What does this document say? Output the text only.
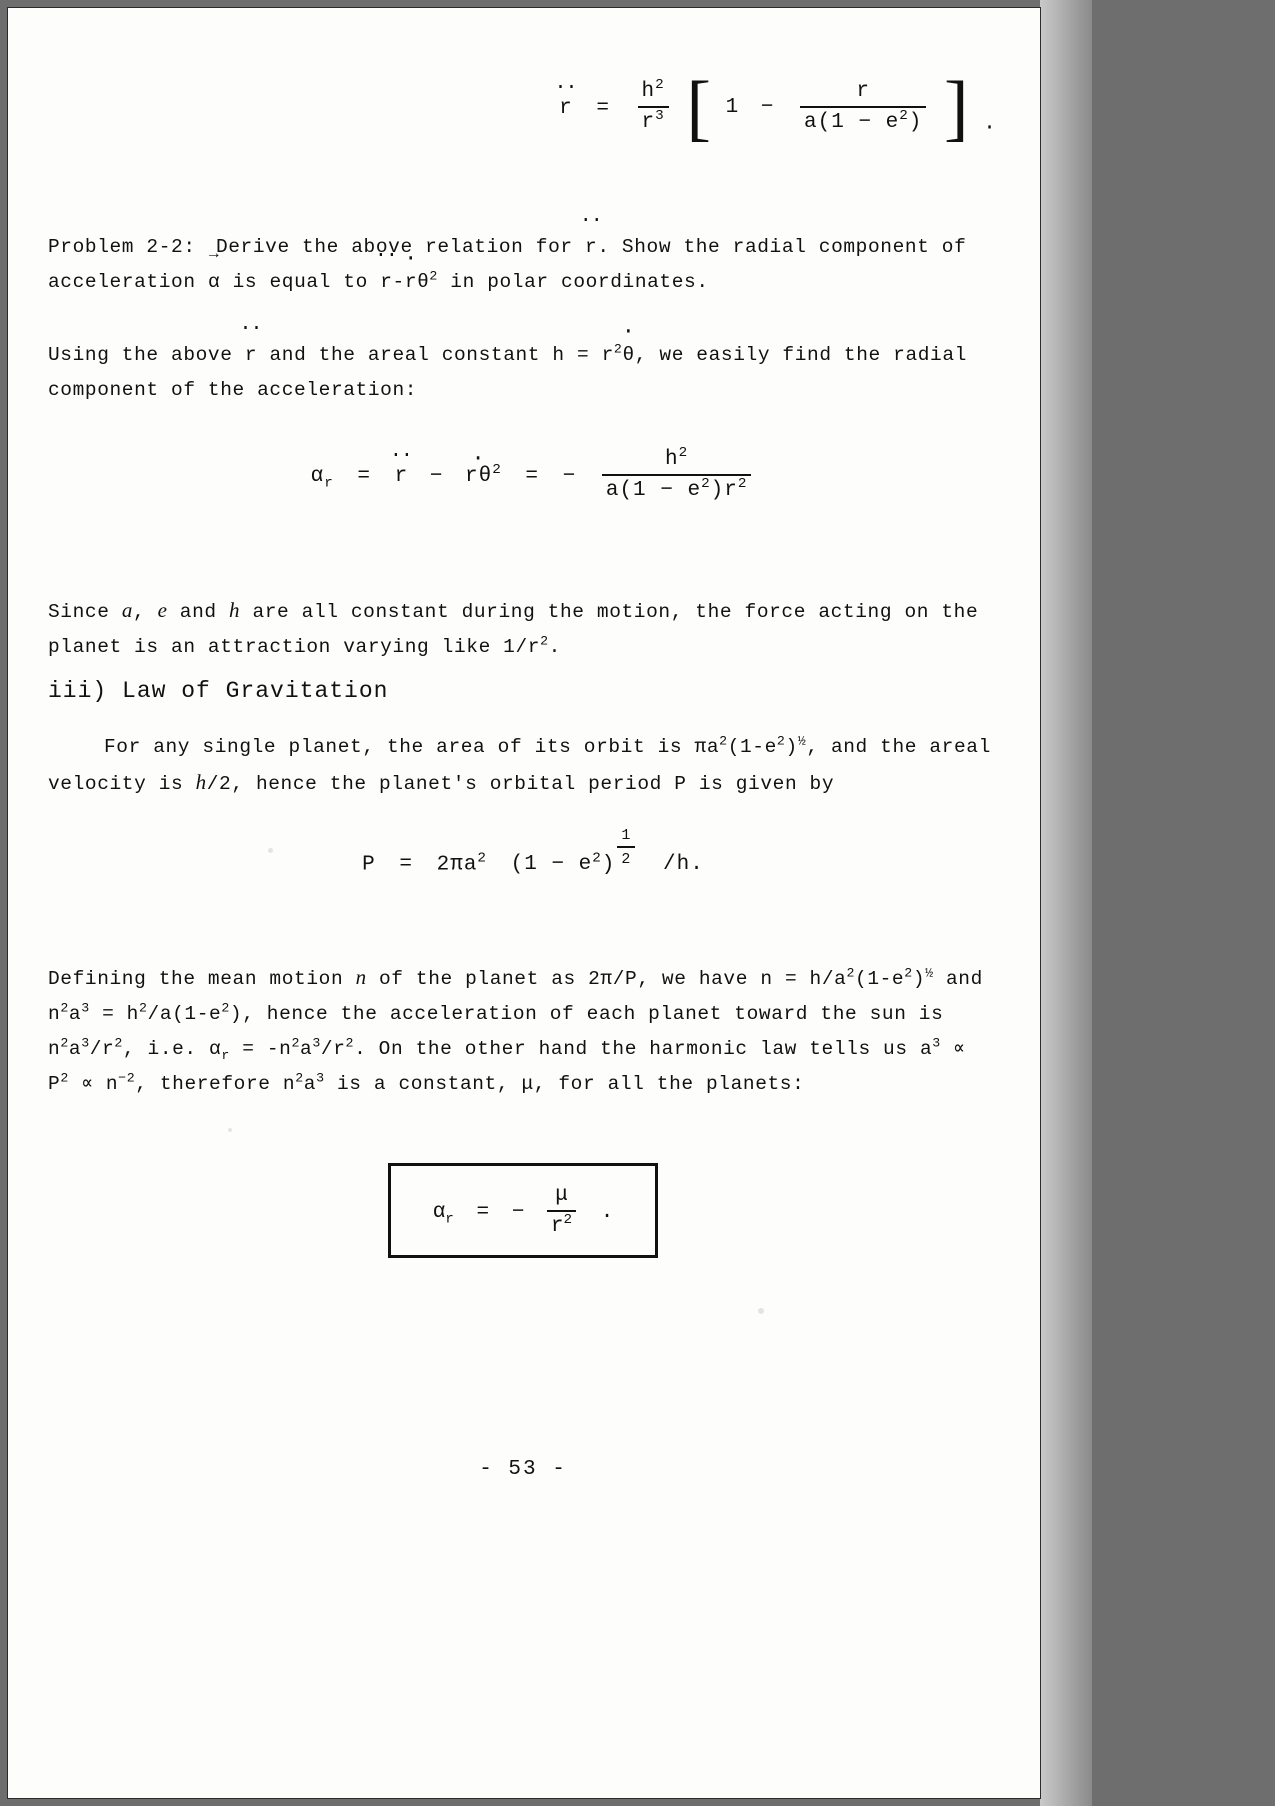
·· $r = \frac{h^2}{r^3}$ [ $1 - \frac{r}{a(1 - e^2)}$ ] .
Problem 2-2: Derive the above relation for ·· r. Show the radial component of acceleration → α is equal to ·· $r\cdot -r\theta^2$ in polar coordinates.
Using the above ·· r and the areal constant $h = r^2\cdot \theta$, we easily find the radial component of the acceleration:
$\alpha_r$ = ·· r − · $r\theta^2$ = − $\frac{h^2}{a(1 - e^2)r^2}$
Since a, e and h are all constant during the motion, the force acting on the planet is an attraction varying like $1/r^2$.
iii) Law of Gravitation
For any single planet, the area of its orbit is $\pi a^2(1-e^2)^{\frac{1}{2}}$, and the areal velocity is h/2, hence the planet's orbital period P is given by
$P = 2\pi a^2$ $(1 - e^2) \frac{1}{2} /h$.
Defining the mean motion n of the planet as 2π/P, we have $n = h/a^2(1-e^2)^{\frac{1}{2}}$ and $n^2a^3 = h^2/a(1-e^2)$, hence the acceleration of each planet toward the sun is $n^2a^3/r^2$, i.e. $\alpha_r = -n^2a^3/r^2$. On the other hand the harmonic law tells us $a^3 \propto P^2 \propto n^{-2}$, therefore $n^2a^3$ is a constant, μ, for all the planets:
$\alpha_r$ = − $\frac{\mu}{r^2}$ .
- 53 -
